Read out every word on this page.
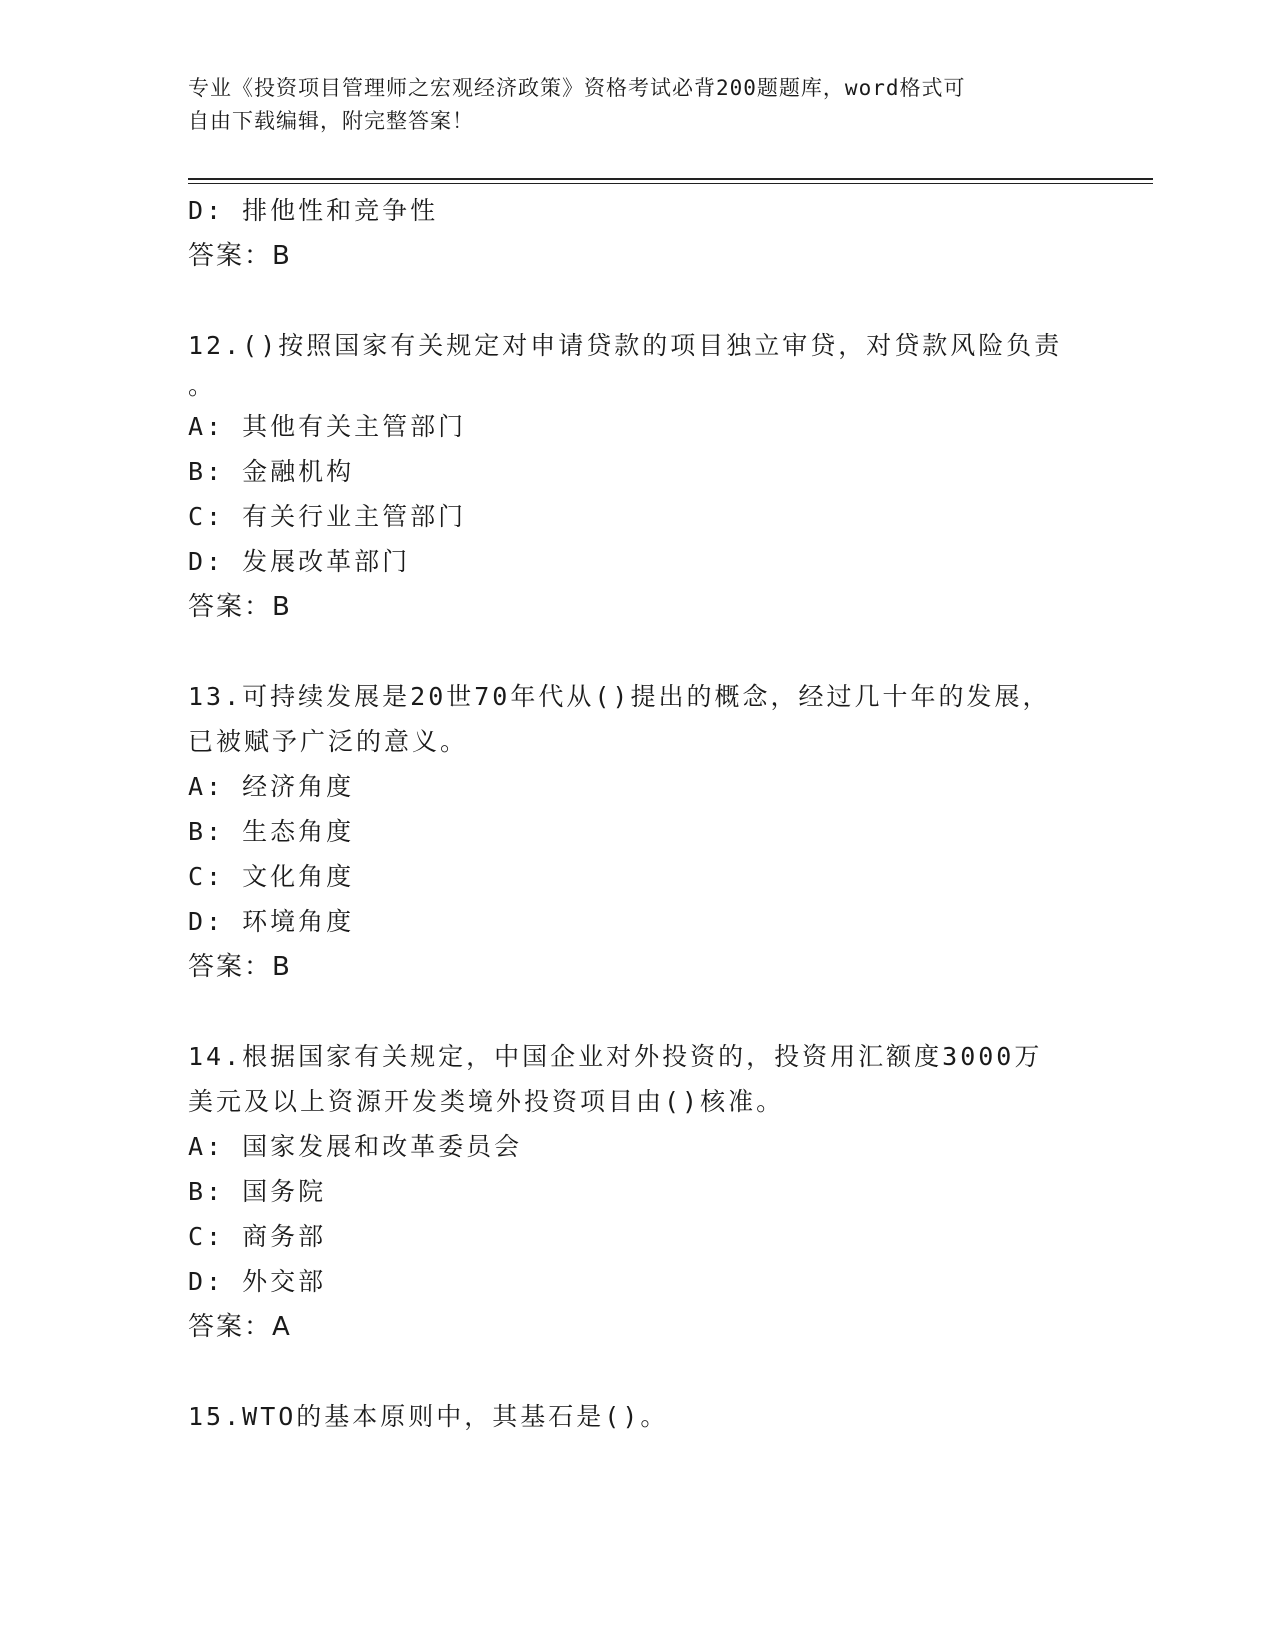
专业《投资项目管理师之宏观经济政策》资格考试必背200题题库，word格式可
自由下载编辑，附完整答案！
D: 排他性和竞争性
答案：B
12.()按照国家有关规定对申请贷款的项目独立审贷，对贷款风险负责
。
A: 其他有关主管部门
B: 金融机构
C: 有关行业主管部门
D: 发展改革部门
答案：B
13.可持续发展是20世70年代从()提出的概念，经过几十年的发展，
已被赋予广泛的意义。
A: 经济角度
B: 生态角度
C: 文化角度
D: 环境角度
答案：B
14.根据国家有关规定，中国企业对外投资的，投资用汇额度3000万
美元及以上资源开发类境外投资项目由()核准。
A: 国家发展和改革委员会
B: 国务院
C: 商务部
D: 外交部
答案：A
15.WTO的基本原则中，其基石是()。
